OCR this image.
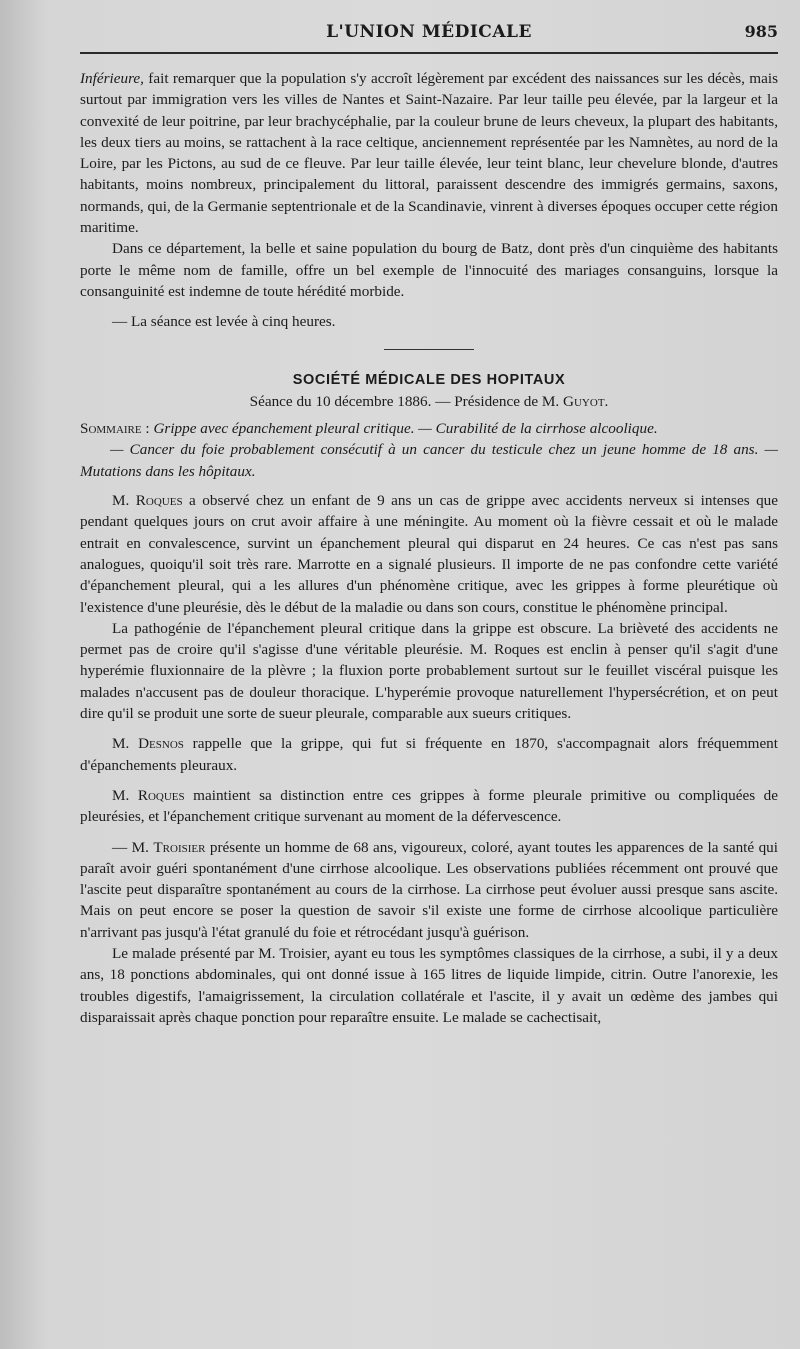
L'UNION MÉDICALE	985

Inférieure, fait remarquer que la population s'y accroît légèrement par excédent des naissances sur les décès, mais surtout par immigration vers les villes de Nantes et Saint-Nazaire. Par leur taille peu élevée, par la largeur et la convexité de leur poitrine, par leur brachycéphalie, par la couleur brune de leurs cheveux, la plupart des habitants, les deux tiers au moins, se rattachent à la race celtique, anciennement représentée par les Namnètes, au nord de la Loire, par les Pictons, au sud de ce fleuve. Par leur taille élevée, leur teint blanc, leur chevelure blonde, d'autres habitants, moins nombreux, principalement du littoral, paraissent descendre des immigrés germains, saxons, normands, qui, de la Germanie septentrionale et de la Scandinavie, vinrent à diverses époques occuper cette région maritime.

Dans ce département, la belle et saine population du bourg de Batz, dont près d'un cinquième des habitants porte le même nom de famille, offre un bel exemple de l'innocuité des mariages consanguins, lorsque la consanguinité est indemne de toute hérédité morbide.

— La séance est levée à cinq heures.

SOCIÉTÉ MÉDICALE DES HOPITAUX

Séance du 10 décembre 1886. — Présidence de M. Guyot.

Sommaire : Grippe avec épanchement pleural critique. — Curabilité de la cirrhose alcoolique.
— Cancer du foie probablement consécutif à un cancer du testicule chez un jeune homme de 18 ans. — Mutations dans les hôpitaux.

M. Roques a observé chez un enfant de 9 ans un cas de grippe avec accidents nerveux si intenses que pendant quelques jours on crut avoir affaire à une méningite. Au moment où la fièvre cessait et où le malade entrait en convalescence, survint un épanchement pleural qui disparut en 24 heures. Ce cas n'est pas sans analogues, quoiqu'il soit très rare. Marrotte en a signalé plusieurs. Il importe de ne pas confondre cette variété d'épanchement pleural, qui a les allures d'un phénomène critique, avec les grippes à forme pleurétique où l'existence d'une pleurésie, dès le début de la maladie ou dans son cours, constitue le phénomène principal.

La pathogénie de l'épanchement pleural critique dans la grippe est obscure. La brièveté des accidents ne permet pas de croire qu'il s'agisse d'une véritable pleurésie. M. Roques est enclin à penser qu'il s'agit d'une hyperémie fluxionnaire de la plèvre ; la fluxion porte probablement surtout sur le feuillet viscéral puisque les malades n'accusent pas de douleur thoracique. L'hyperémie provoque naturellement l'hypersécrétion, et on peut dire qu'il se produit une sorte de sueur pleurale, comparable aux sueurs critiques.

M. Desnos rappelle que la grippe, qui fut si fréquente en 1870, s'accompagnait alors fréquemment d'épanchements pleuraux.

M. Roques maintient sa distinction entre ces grippes à forme pleurale primitive ou compliquées de pleurésies, et l'épanchement critique survenant au moment de la défervescence.

— M. Troisier présente un homme de 68 ans, vigoureux, coloré, ayant toutes les apparences de la santé qui paraît avoir guéri spontanément d'une cirrhose alcoolique. Les observations publiées récemment ont prouvé que l'ascite peut disparaître spontanément au cours de la cirrhose. La cirrhose peut évoluer aussi presque sans ascite. Mais on peut encore se poser la question de savoir s'il existe une forme de cirrhose alcoolique particulière n'arrivant pas jusqu'à l'état granulé du foie et rétrocédant jusqu'à guérison.

Le malade présenté par M. Troisier, ayant eu tous les symptômes classiques de la cirrhose, a subi, il y a deux ans, 18 ponctions abdominales, qui ont donné issue à 165 litres de liquide limpide, citrin. Outre l'anorexie, les troubles digestifs, l'amaigrissement, la circulation collatérale et l'ascite, il y avait un œdème des jambes qui disparaissait après chaque ponction pour reparaître ensuite. Le malade se cachectisait,
